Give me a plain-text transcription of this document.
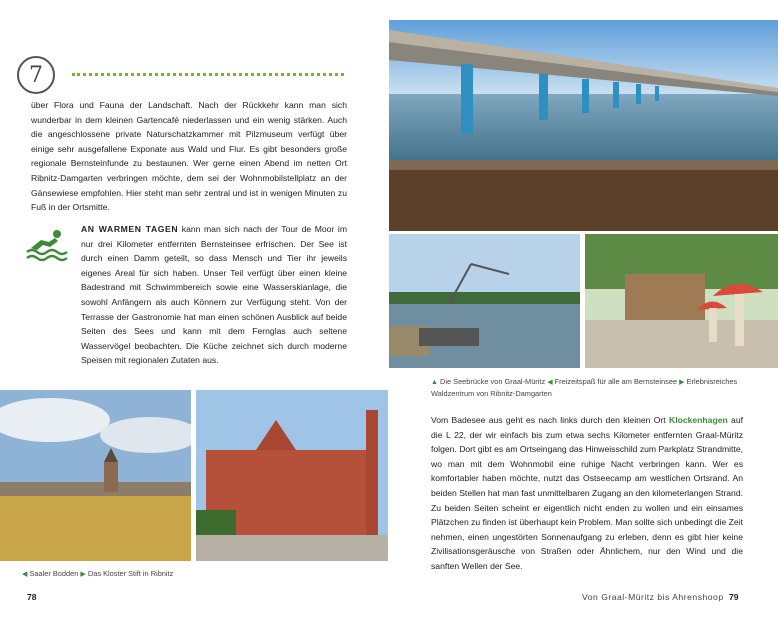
7

über Flora und Fauna der Landschaft. Nach der Rückkehr kann man sich wunderbar in dem kleinen Gartencafé niederlassen und ein wenig stärken. Auch die angeschlossene private Naturschatzkammer mit Pilzmuseum verfügt über einige sehr ausgefallene Exponate aus Wald und Flur. Es gibt besonders große regionale Bernsteinfunde zu bestaunen. Wer gerne einen Abend im netten Ort Ribnitz-Damgarten verbringen möchte, dem sei der Wohnmobilstellplatz an der Gänsewiese empfohlen. Hier steht man sehr zentral und ist in wenigen Minuten zu Fuß in der Ortsmitte.

AN WARMEN TAGEN kann man sich nach der Tour de Moor im nur drei Kilometer entfernten Bernsteinsee erfrischen. Der See ist durch einen Damm geteilt, so dass Mensch und Tier ihr jeweils eigenes Areal für sich haben. Unser Teil verfügt über einen kleine Badestrand mit Schwimmbereich sowie eine Wasserskianlage, die sowohl Anfängern als auch Könnern zur Verfügung steht. Von der Terrasse der Gastronomie hat man einen schönen Ausblick auf beide Seiten des Sees und kann mit dem Fernglas auch seltene Wasservögel beobachten. Die Küche zeichnet sich durch moderne Speisen mit regionalen Zutaten aus.
▲ Die Seebrücke von Graal-Müritz ◀ Freizeitspaß für alle am Bernsteinsee ▶ Erlebnisreiches Waldzentrum von Ribnitz-Damgarten
◀ Saaler Bodden ▶ Das Kloster Stift in Ribnitz
Vom Badesee aus geht es nach links durch den kleinen Ort Klockenhagen auf die L 22, der wir einfach bis zum etwa sechs Kilometer entfernten Graal-Müritz folgen. Dort gibt es am Ortseingang das Hinweisschild zum Parkplatz Strandmitte, wo man mit dem Wohnmobil eine ruhige Nacht verbringen kann. Wer es komfortabler haben möchte, nutzt das Ostseecamp am westlichen Ortsrand. An beiden Stellen hat man fast unmittelbaren Zugang an den kilometerlangen Strand. Zu beiden Seiten scheint er eigentlich nicht enden zu wollen und ein einsames Plätzchen zu finden ist überhaupt kein Problem. Man sollte sich unbedingt die Zeit nehmen, einen ungestörten Sonnenaufgang zu erleben, denn es gibt hier keine Zivilisationsgeräusche von Straßen oder Ähnlichem, nur den Wind und die sanften Wellen der See.
78	Von Graal-Müritz bis Ahrenshoop 79
